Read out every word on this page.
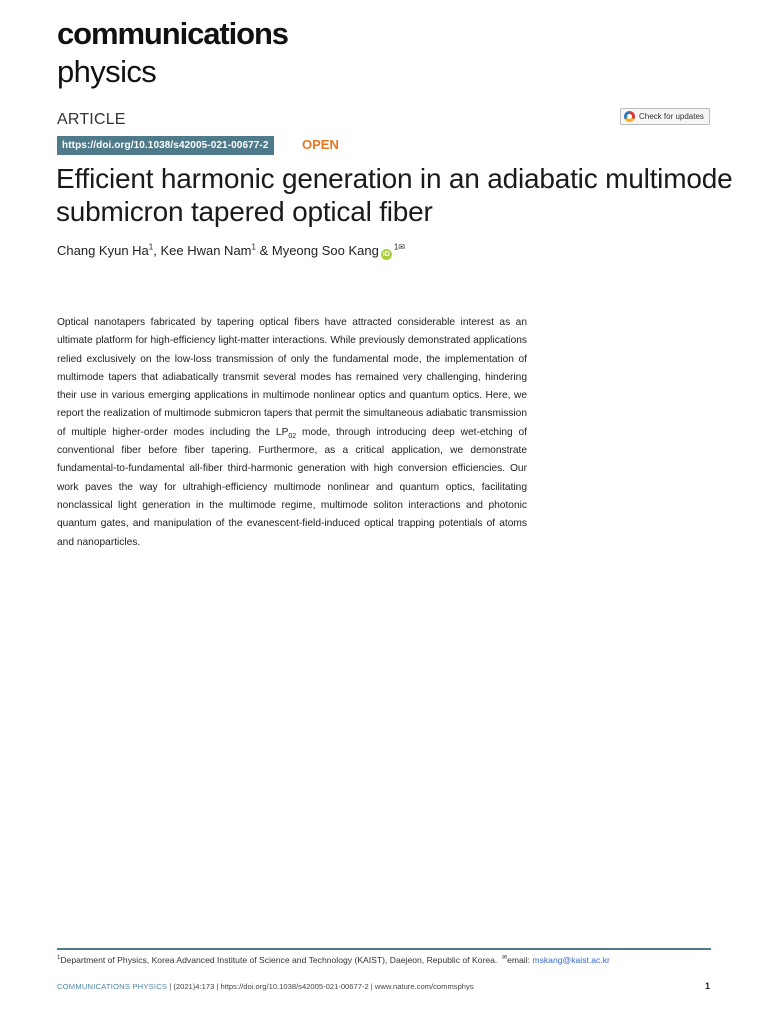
communications
physics
ARTICLE	Check for updates
https://doi.org/10.1038/s42005-021-00677-2	OPEN
Efficient harmonic generation in an adiabatic multimode submicron tapered optical fiber
Chang Kyun Ha$^1$, Kee Hwan Nam$^1$ & Myeong Soo Kang $iD^{1✉}$

Optical nanotapers fabricated by tapering optical fibers have attracted considerable interest as an ultimate platform for high-efficiency light-matter interactions. While previously demonstrated applications relied exclusively on the low-loss transmission of only the fundamental mode, the implementation of multimode tapers that adiabatically transmit several modes has remained very challenging, hindering their use in various emerging applications in multimode nonlinear optics and quantum optics. Here, we report the realization of multimode submicron tapers that permit the simultaneous adiabatic transmission of multiple higher-order modes including the $LP_{02}$ mode, through introducing deep wet-etching of conventional fiber before fiber tapering. Furthermore, as a critical application, we demonstrate fundamental-to-fundamental all-fiber third-harmonic generation with high conversion efficiencies. Our work paves the way for ultrahigh-efficiency multimode nonlinear and quantum optics, facilitating nonclassical light generation in the multimode regime, multimode soliton interactions and photonic quantum gates, and manipulation of the evanescent-field-induced optical trapping potentials of atoms and nanoparticles.

$^1$Department of Physics, Korea Advanced Institute of Science and Technology (KAIST), Daejeon, Republic of Korea. ✉email: mskang@kaist.ac.kr
COMMUNICATIONS PHYSICS | (2021)4:173 | https://doi.org/10.1038/s42005-021-00677-2 | www.nature.com/commsphys	1
